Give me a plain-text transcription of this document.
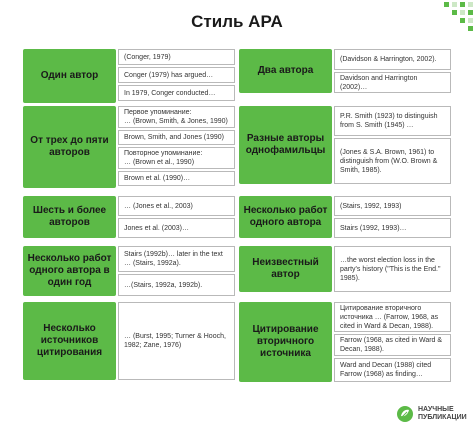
Стиль APA
Один автор
(Conger, 1979)
Conger (1979) has argued…
In 1979, Conger conducted…
Два автора
(Davidson & Harrington, 2002).
Davidson and Harrington (2002)…
От трех до пяти авторов
Первое упоминание:
… (Brown, Smith, & Jones, 1990)
Brown, Smith, and Jones (1990)
Повторное упоминание:
… (Brown et al., 1990)
Brown et al. (1990)…
Разные авторы однофамильцы
P.R. Smith (1923) to distinguish from S. Smith (1945) …
(Jones & S.A. Brown, 1961) to distinguish from (W.O. Brown & Smith, 1985).
Шесть и более авторов
… (Jones et al., 2003)
Jones et al. (2003)…
Несколько работ одного автора
(Stairs, 1992, 1993)
Stairs (1992, 1993)…
Несколько работ одного автора в один год
Stairs (1992b)… later in the text … (Stairs, 1992a).
…(Stairs, 1992a, 1992b).
Неизвестный автор
…the worst election loss in the party's history ("This is the End." 1985).
Несколько источников цитирования
… (Burst, 1995; Turner & Hooch, 1982; Zane, 1976)
Цитирование вторичного источника
Цитирование вторичного источника … (Farrow, 1968, as cited in Ward & Decan, 1988).
Farrow (1968, as cited in Ward & Decan, 1988).
Ward and Decan (1988) cited Farrow (1968) as finding…
НАУЧНЫЕ
ПУБЛИКАЦИИ
